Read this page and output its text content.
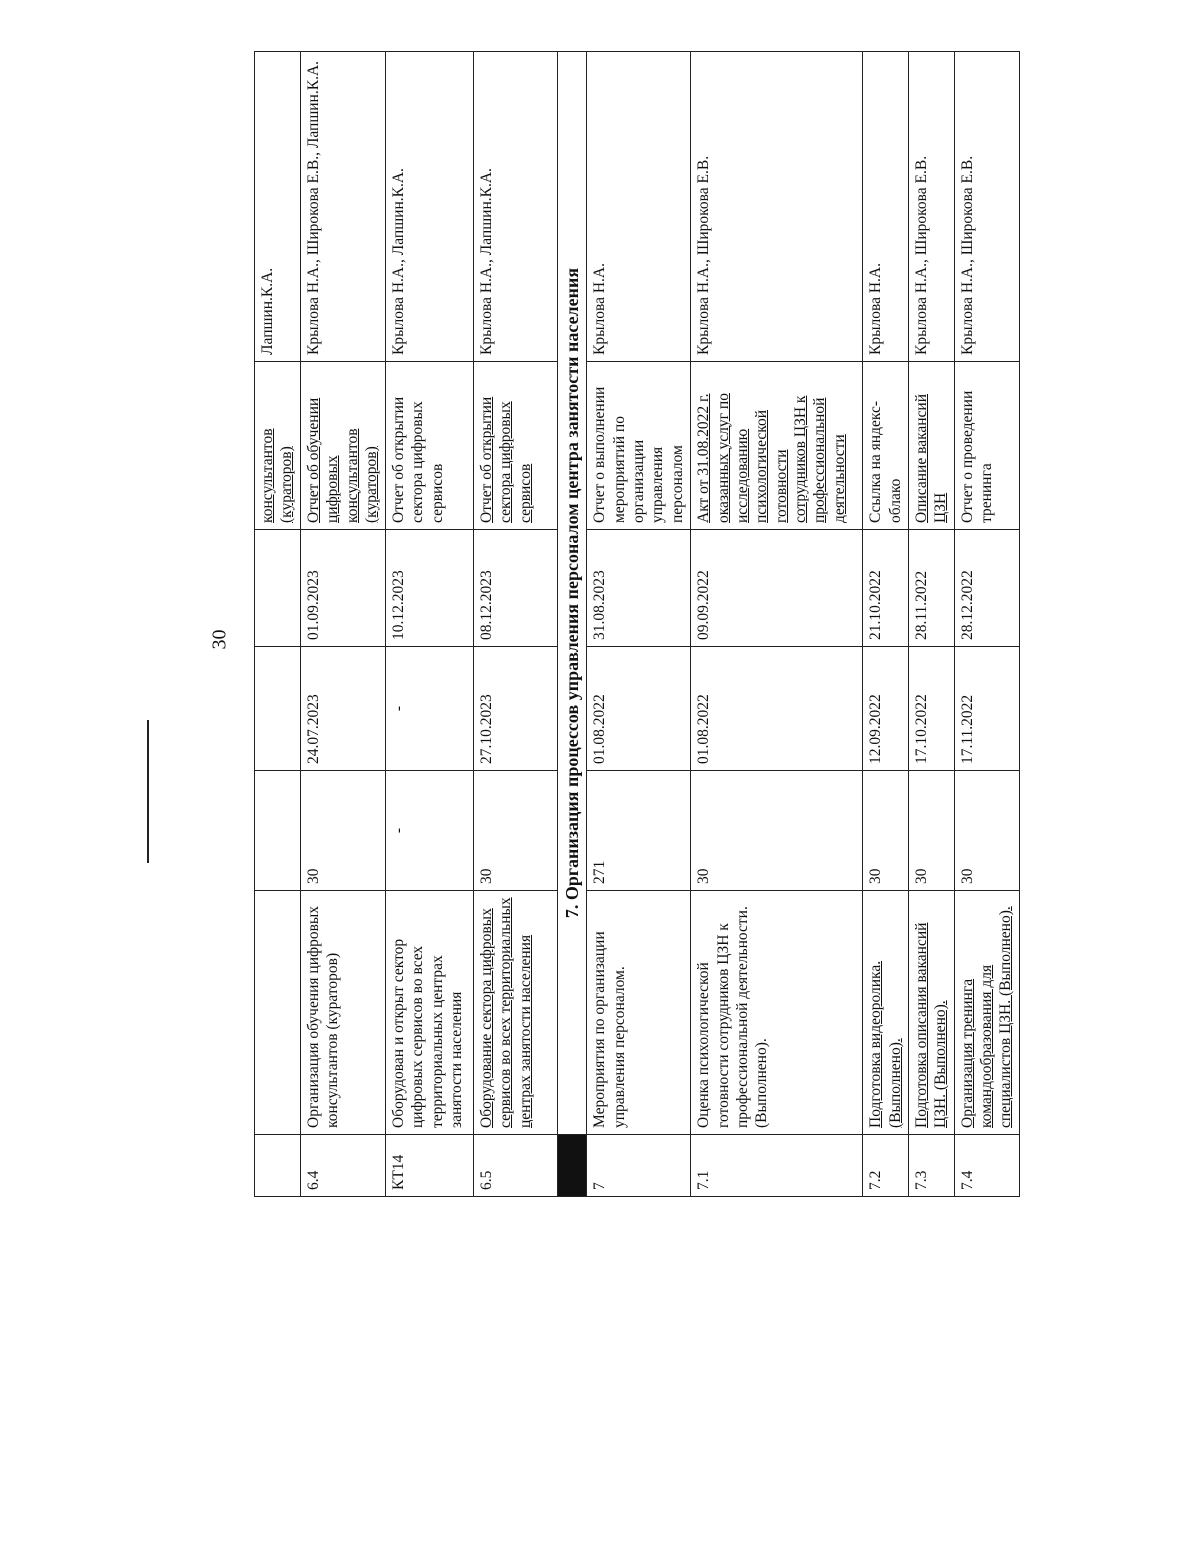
30
					консультантов (кураторов)	Лапшин.К.А.
6.4	Организация обучения цифровых консультантов (кураторов)	30	24.07.2023	01.09.2023	Отчет об обучении цифровых консультантов (кураторов)	Крылова Н.А., Широкова Е.В., Лапшин.К.А.
КТ14	Оборудован и открыт сектор цифровых сервисов во всех территориальных центрах занятости населения	-	-	10.12.2023	Отчет об открытии сектора цифровых сервисов	Крылова Н.А., Лапшин.К.А.
6.5	Оборудование сектора цифровых сервисов во всех территориальных центрах занятости населения	30	27.10.2023	08.12.2023	Отчет об открытии сектора цифровых сервисов	Крылова Н.А., Лапшин.К.А.
	7. Организация процессов управления персоналом центра занятости населения					
7	Мероприятия по организации управления персоналом.	271	01.08.2022	31.08.2023	Отчет о выполнении мероприятий по организации управления персоналом	Крылова Н.А.
7.1	Оценка психологической готовности сотрудников ЦЗН к профессиональной деятельности. (Выполнено).	30	01.08.2022	09.09.2022	Акт от 31.08.2022 г. оказанных услуг по исследованию психологической готовности сотрудников ЦЗН к профессиональной деятельности	Крылова Н.А., Широкова Е.В.
7.2	Подготовка видеоролика. (Выполнено).	30	12.09.2022	21.10.2022	Ссылка на яндекс-облако	Крылова Н.А.
7.3	Подготовка описания вакансий ЦЗН. (Выполнено).	30	17.10.2022	28.11.2022	Описание вакансий ЦЗН	Крылова Н.А., Широкова Е.В.
7.4	Организация тренинга командообразования для специалистов ЦЗН. (Выполнено).	30	17.11.2022	28.12.2022	Отчет о проведении тренинга	Крылова Н.А., Широкова Е.В.
